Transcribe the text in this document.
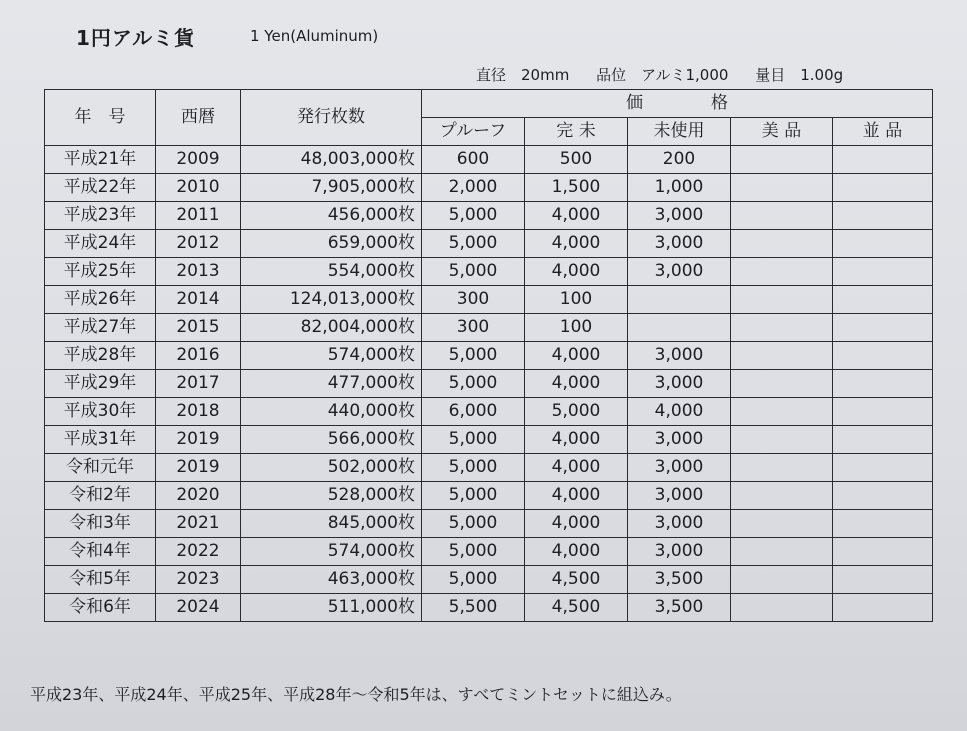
1円アルミ貨	1 Yen(Aluminum)
直径　20mm 品位　アルミ1,000 量目　1.00g
年　号	西暦	発行枚数	価　　　　格				
			プルーフ	完 未	未使用	美 品	並 品
平成21年	2009	48,003,000枚	600	500	200		
平成22年	2010	7,905,000枚	2,000	1,500	1,000		
平成23年	2011	456,000枚	5,000	4,000	3,000		
平成24年	2012	659,000枚	5,000	4,000	3,000		
平成25年	2013	554,000枚	5,000	4,000	3,000		
平成26年	2014	124,013,000枚	300	100			
平成27年	2015	82,004,000枚	300	100			
平成28年	2016	574,000枚	5,000	4,000	3,000		
平成29年	2017	477,000枚	5,000	4,000	3,000		
平成30年	2018	440,000枚	6,000	5,000	4,000		
平成31年	2019	566,000枚	5,000	4,000	3,000		
令和元年	2019	502,000枚	5,000	4,000	3,000		
令和2年	2020	528,000枚	5,000	4,000	3,000		
令和3年	2021	845,000枚	5,000	4,000	3,000		
令和4年	2022	574,000枚	5,000	4,000	3,000		
令和5年	2023	463,000枚	5,000	4,500	3,500		
令和6年	2024	511,000枚	5,500	4,500	3,500		
平成23年、平成24年、平成25年、平成28年～令和5年は、すべてミントセットに組込み。
